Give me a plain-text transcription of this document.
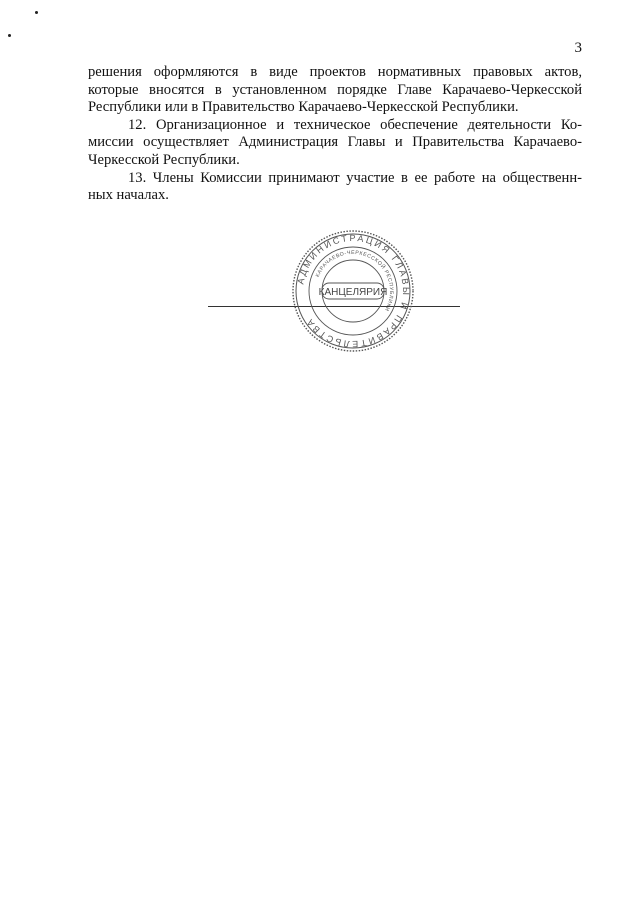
3
решения оформляются в виде проектов нормативных правовых актов,
которые вносятся в установленном порядке Главе Карачаево-Черкесской
Республики или в Правительство Карачаево-Черкесской Республики.
12. Организационное и техническое обеспечение деятельности Ко-
миссии осуществляет Администрация Главы и Правительства Карачаево-
Черкесской Республики.
13. Члены Комиссии принимают участие в ее работе на общественн-
ных началах.
АДМИНИСТРАЦИЯ ГЛАВЫ И ПРАВИТЕЛЬСТВА
КАРАЧАЕВО-ЧЕРКЕССКОЙ РЕСПУБЛИКИ
КАНЦЕЛЯРИЯ
